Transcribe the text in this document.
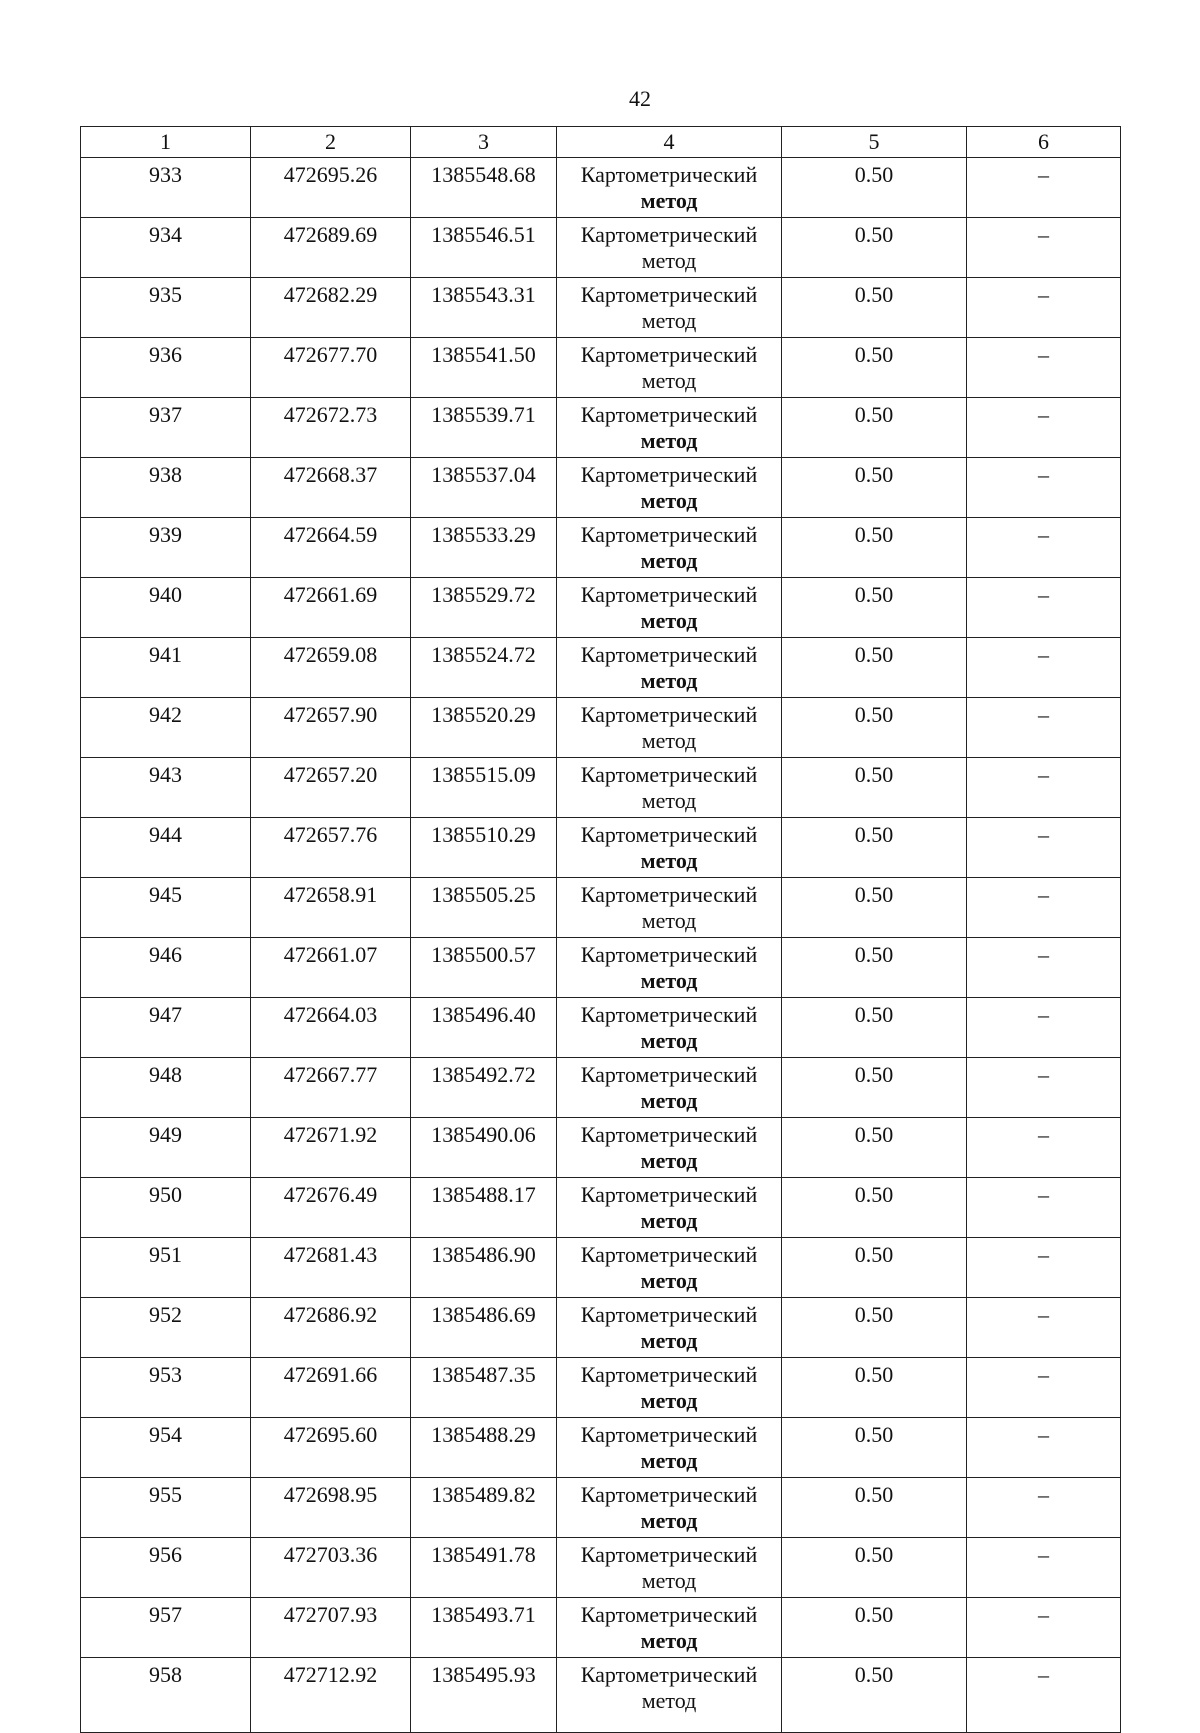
42
1	2	3	4	5	6
933	472695.26	1385548.68	Картометрический
метод	0.50	–
934	472689.69	1385546.51	Картометрический
метод	0.50	–
935	472682.29	1385543.31	Картометрический
метод	0.50	–
936	472677.70	1385541.50	Картометрический
метод	0.50	–
937	472672.73	1385539.71	Картометрический
метод	0.50	–
938	472668.37	1385537.04	Картометрический
метод	0.50	–
939	472664.59	1385533.29	Картометрический
метод	0.50	–
940	472661.69	1385529.72	Картометрический
метод	0.50	–
941	472659.08	1385524.72	Картометрический
метод	0.50	–
942	472657.90	1385520.29	Картометрический
метод	0.50	–
943	472657.20	1385515.09	Картометрический
метод	0.50	–
944	472657.76	1385510.29	Картометрический
метод	0.50	–
945	472658.91	1385505.25	Картометрический
метод	0.50	–
946	472661.07	1385500.57	Картометрический
метод	0.50	–
947	472664.03	1385496.40	Картометрический
метод	0.50	–
948	472667.77	1385492.72	Картометрический
метод	0.50	–
949	472671.92	1385490.06	Картометрический
метод	0.50	–
950	472676.49	1385488.17	Картометрический
метод	0.50	–
951	472681.43	1385486.90	Картометрический
метод	0.50	–
952	472686.92	1385486.69	Картометрический
метод	0.50	–
953	472691.66	1385487.35	Картометрический
метод	0.50	–
954	472695.60	1385488.29	Картометрический
метод	0.50	–
955	472698.95	1385489.82	Картометрический
метод	0.50	–
956	472703.36	1385491.78	Картометрический
метод	0.50	–
957	472707.93	1385493.71	Картометрический
метод	0.50	–
958	472712.92	1385495.93	Картометрический
метод	0.50	–
